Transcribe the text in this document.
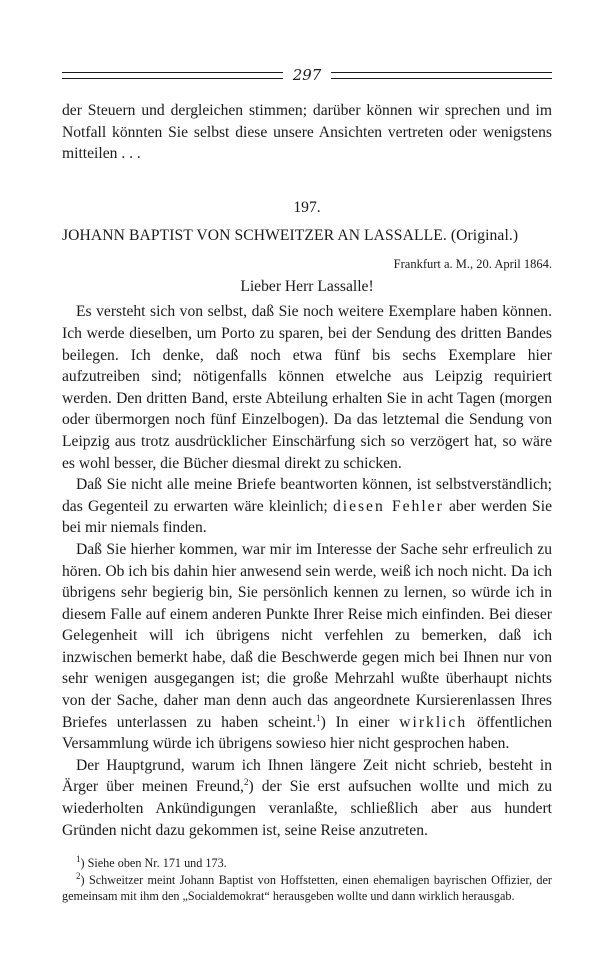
297

der Steuern und dergleichen stimmen; darüber können wir sprechen und im Notfall könnten Sie selbst diese unsere Ansichten vertreten oder wenigstens mitteilen . . .

197.
JOHANN BAPTIST VON SCHWEITZER AN LASSALLE. (Original.)
Frankfurt a. M., 20. April 1864.
Lieber Herr Lassalle!

Es versteht sich von selbst, daß Sie noch weitere Exemplare haben können. Ich werde dieselben, um Porto zu sparen, bei der Sendung des dritten Bandes beilegen. Ich denke, daß noch etwa fünf bis sechs Exemplare hier aufzutreiben sind; nötigenfalls können etwelche aus Leipzig requiriert werden. Den dritten Band, erste Abteilung erhalten Sie in acht Tagen (morgen oder übermorgen noch fünf Einzelbogen). Da das letztemal die Sendung von Leipzig aus trotz ausdrücklicher Einschärfung sich so verzögert hat, so wäre es wohl besser, die Bücher diesmal direkt zu schicken.

Daß Sie nicht alle meine Briefe beantworten können, ist selbstverständlich; das Gegenteil zu erwarten wäre kleinlich; diesen Fehler aber werden Sie bei mir niemals finden.

Daß Sie hierher kommen, war mir im Interesse der Sache sehr erfreulich zu hören. Ob ich bis dahin hier anwesend sein werde, weiß ich noch nicht. Da ich übrigens sehr begierig bin, Sie persönlich kennen zu lernen, so würde ich in diesem Falle auf einem anderen Punkte Ihrer Reise mich einfinden. Bei dieser Gelegenheit will ich übrigens nicht verfehlen zu bemerken, daß ich inzwischen bemerkt habe, daß die Beschwerde gegen mich bei Ihnen nur von sehr wenigen ausgegangen ist; die große Mehrzahl wußte überhaupt nichts von der Sache, daher man denn auch das angeordnete Kursierenlassen Ihres Briefes unterlassen zu haben scheint.$^1$) In einer wirklich öffentlichen Versammlung würde ich übrigens sowieso hier nicht gesprochen haben.

Der Hauptgrund, warum ich Ihnen längere Zeit nicht schrieb, besteht in Ärger über meinen Freund,$^2$) der Sie erst aufsuchen wollte und mich zu wiederholten Ankündigungen veranlaßte, schließlich aber aus hundert Gründen nicht dazu gekommen ist, seine Reise anzutreten.

$^1$) Siehe oben Nr. 171 und 173.

$^2$) Schweitzer meint Johann Baptist von Hoffstetten, einen ehemaligen bayrischen Offizier, der gemeinsam mit ihm den „Socialdemokrat“ herausgeben wollte und dann wirklich herausgab.
